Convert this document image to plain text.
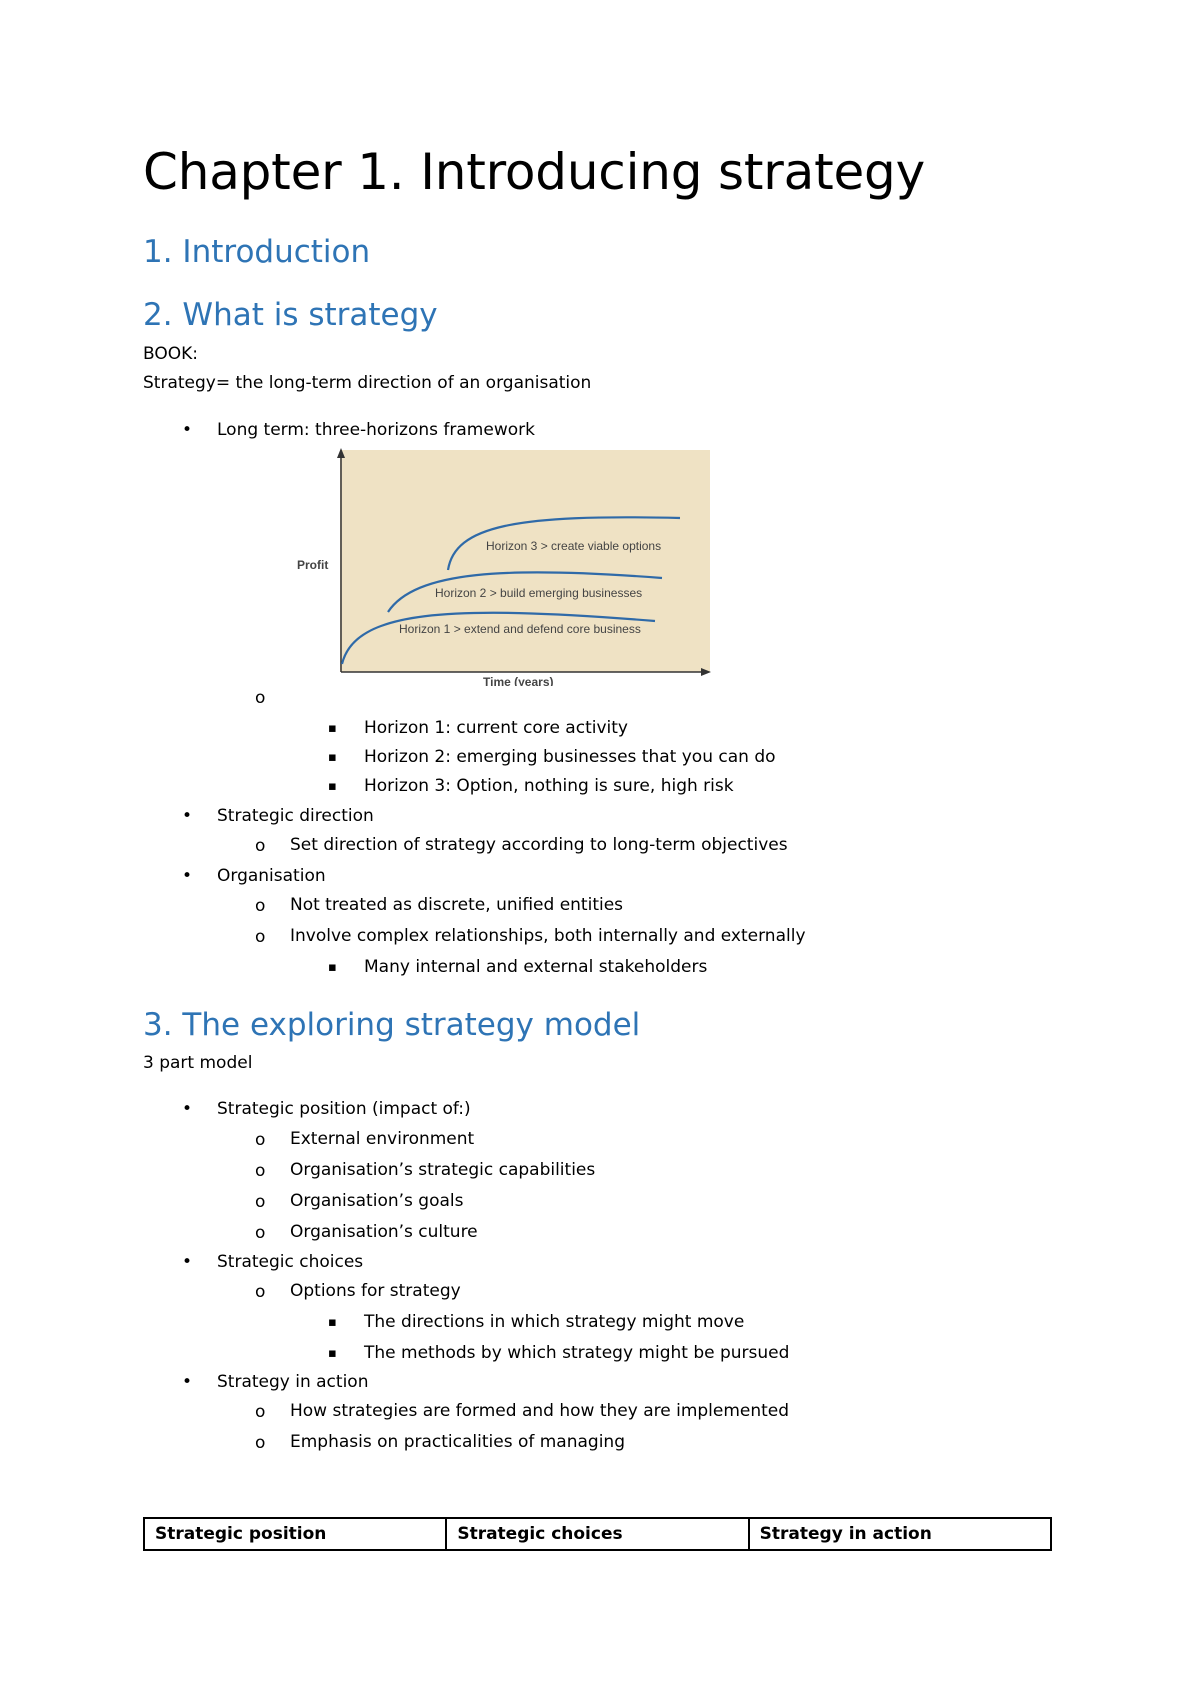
Chapter 1. Introducing strategy
1. Introduction
2. What is strategy
BOOK:
Strategy= the long-term direction of an organisation
• Long term: three-horizons framework
Horizon 3 > create viable options
Horizon 2 > build emerging businesses
Horizon 1 > extend and defend core business
Profit
Time (years)
o
▪ Horizon 1: current core activity
▪ Horizon 2: emerging businesses that you can do
▪ Horizon 3: Option, nothing is sure, high risk
• Strategic direction
o Set direction of strategy according to long-term objectives
• Organisation
o Not treated as discrete, unified entities
o Involve complex relationships, both internally and externally
▪ Many internal and external stakeholders
3. The exploring strategy model
3 part model
• Strategic position (impact of:)
o External environment
o Organisation’s strategic capabilities
o Organisation’s goals
o Organisation’s culture
• Strategic choices
o Options for strategy
▪ The directions in which strategy might move
▪ The methods by which strategy might be pursued
• Strategy in action
o How strategies are formed and how they are implemented
o Emphasis on practicalities of managing
Strategic position	Strategic choices	Strategy in action
